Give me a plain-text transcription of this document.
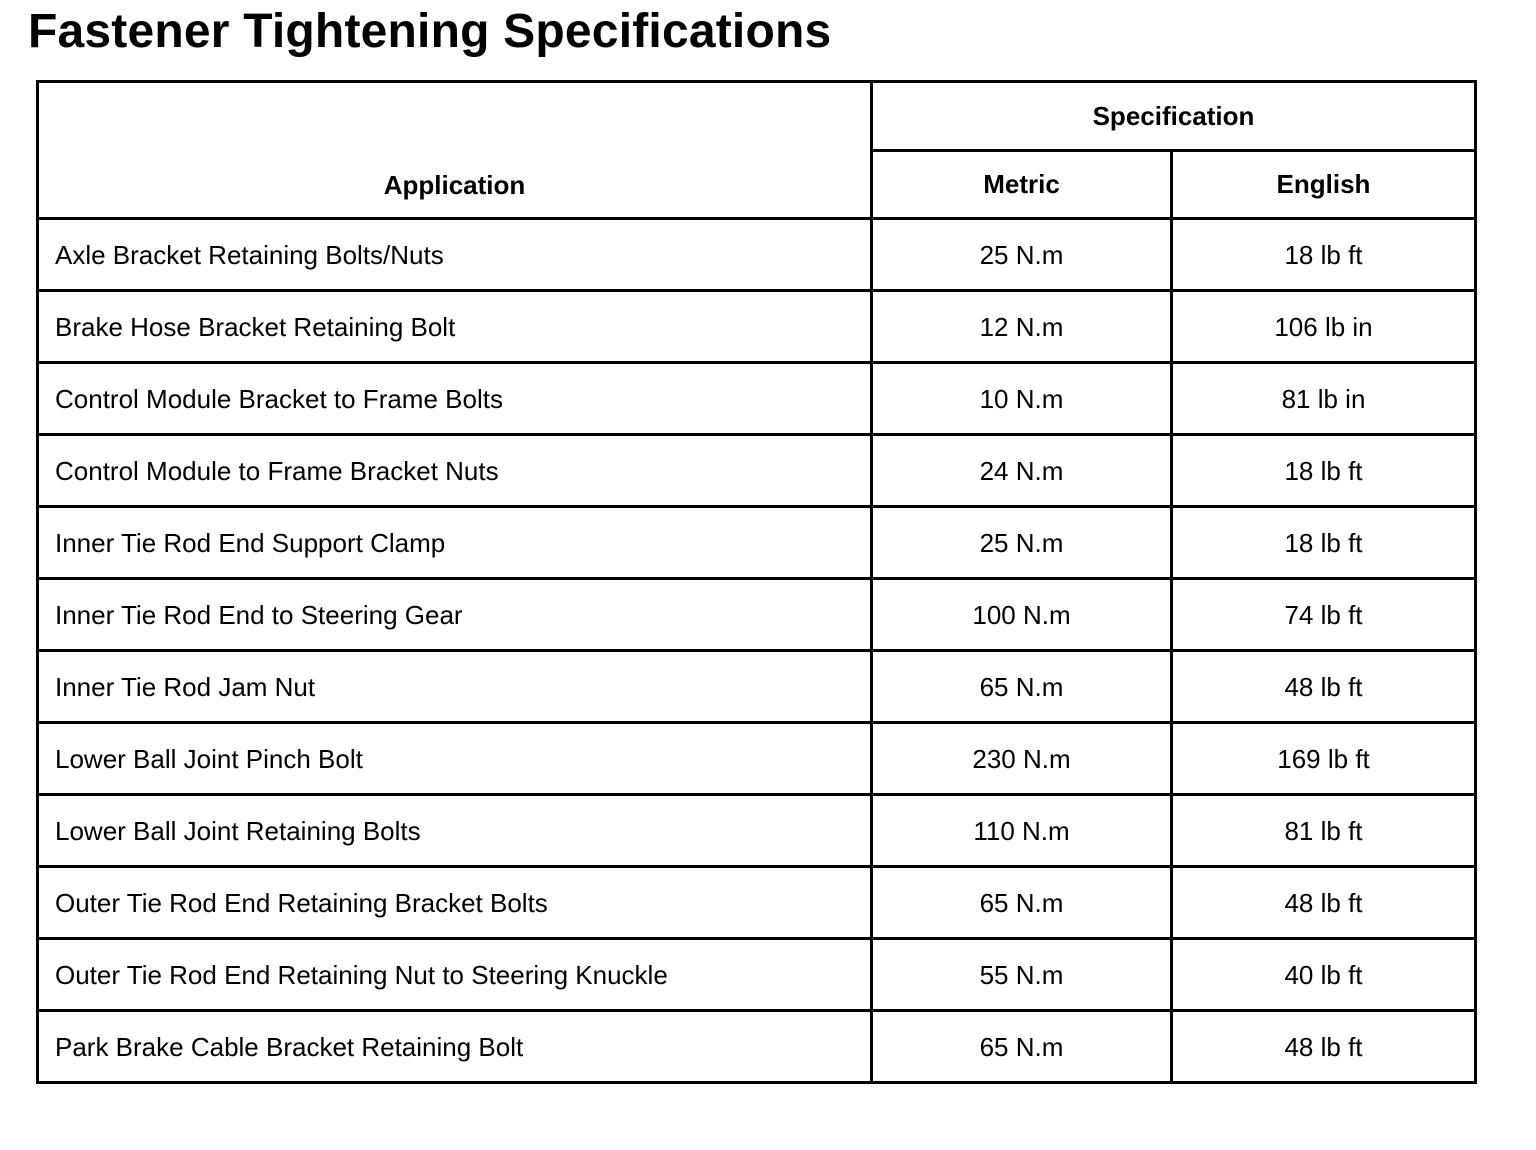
Fastener Tightening Specifications
Application	Specification	
	Metric	English
Axle Bracket Retaining Bolts/Nuts	25 N.m	18 lb ft
Brake Hose Bracket Retaining Bolt	12 N.m	106 lb in
Control Module Bracket to Frame Bolts	10 N.m	81 lb in
Control Module to Frame Bracket Nuts	24 N.m	18 lb ft
Inner Tie Rod End Support Clamp	25 N.m	18 lb ft
Inner Tie Rod End to Steering Gear	100 N.m	74 lb ft
Inner Tie Rod Jam Nut	65 N.m	48 lb ft
Lower Ball Joint Pinch Bolt	230 N.m	169 lb ft
Lower Ball Joint Retaining Bolts	110 N.m	81 lb ft
Outer Tie Rod End Retaining Bracket Bolts	65 N.m	48 lb ft
Outer Tie Rod End Retaining Nut to Steering Knuckle	55 N.m	40 lb ft
Park Brake Cable Bracket Retaining Bolt	65 N.m	48 lb ft
